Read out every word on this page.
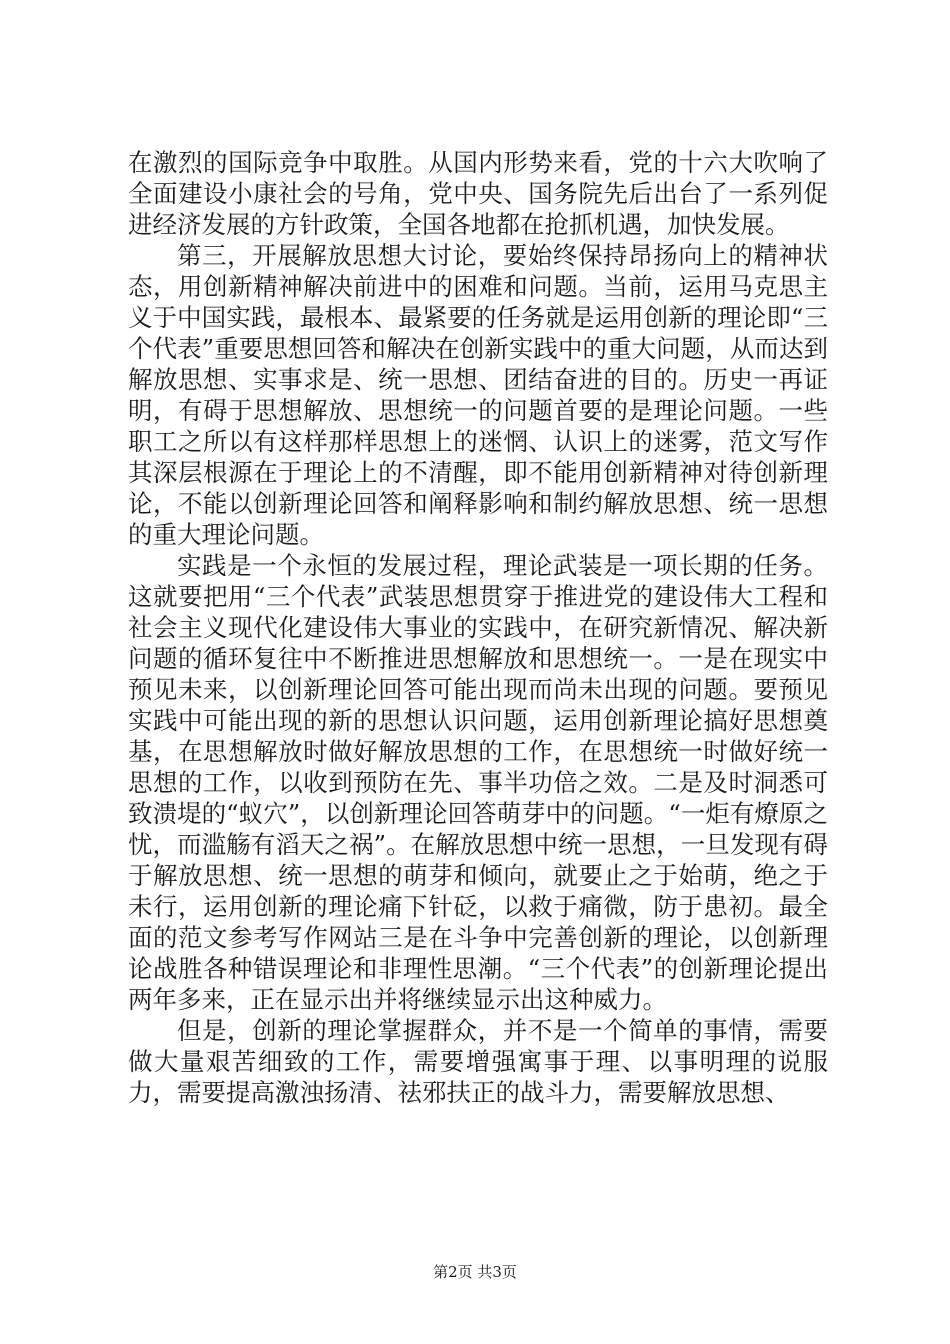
在激烈的国际竞争中取胜。从国内形势来看，党的十六大吹响了全面建设小康社会的号角，党中央、国务院先后出台了一系列促进经济发展的方针政策，全国各地都在抢抓机遇，加快发展。

第三，开展解放思想大讨论，要始终保持昂扬向上的精神状态，用创新精神解决前进中的困难和问题。当前，运用马克思主义于中国实践，最根本、最紧要的任务就是运用创新的理论即“三个代表”重要思想回答和解决在创新实践中的重大问题，从而达到解放思想、实事求是、统一思想、团结奋进的目的。历史一再证明，有碍于思想解放、思想统一的问题首要的是理论问题。一些职工之所以有这样那样思想上的迷惘、认识上的迷雾，范文写作其深层根源在于理论上的不清醒，即不能用创新精神对待创新理论，不能以创新理论回答和阐释影响和制约解放思想、统一思想的重大理论问题。

实践是一个永恒的发展过程，理论武装是一项长期的任务。这就要把用“三个代表”武装思想贯穿于推进党的建设伟大工程和社会主义现代化建设伟大事业的实践中，在研究新情况、解决新问题的循环复往中不断推进思想解放和思想统一。一是在现实中预见未来，以创新理论回答可能出现而尚未出现的问题。要预见实践中可能出现的新的思想认识问题，运用创新理论搞好思想奠基，在思想解放时做好解放思想的工作，在思想统一时做好统一思想的工作，以收到预防在先、事半功倍之效。二是及时洞悉可致溃堤的“蚁穴”，以创新理论回答萌芽中的问题。“一炬有燎原之忧，而滥觞有滔天之祸”。在解放思想中统一思想，一旦发现有碍于解放思想、统一思想的萌芽和倾向，就要止之于始萌，绝之于未行，运用创新的理论痛下针砭，以救于痛微，防于患初。最全面的范文参考写作网站三是在斗争中完善创新的理论，以创新理论战胜各种错误理论和非理性思潮。“三个代表”的创新理论提出两年多来，正在显示出并将继续显示出这种威力。

但是，创新的理论掌握群众，并不是一个简单的事情，需要做大量艰苦细致的工作，需要增强寓事于理、以事明理的说服力，需要提高激浊扬清、祛邪扶正的战斗力，需要解放思想、

第2页 共3页
